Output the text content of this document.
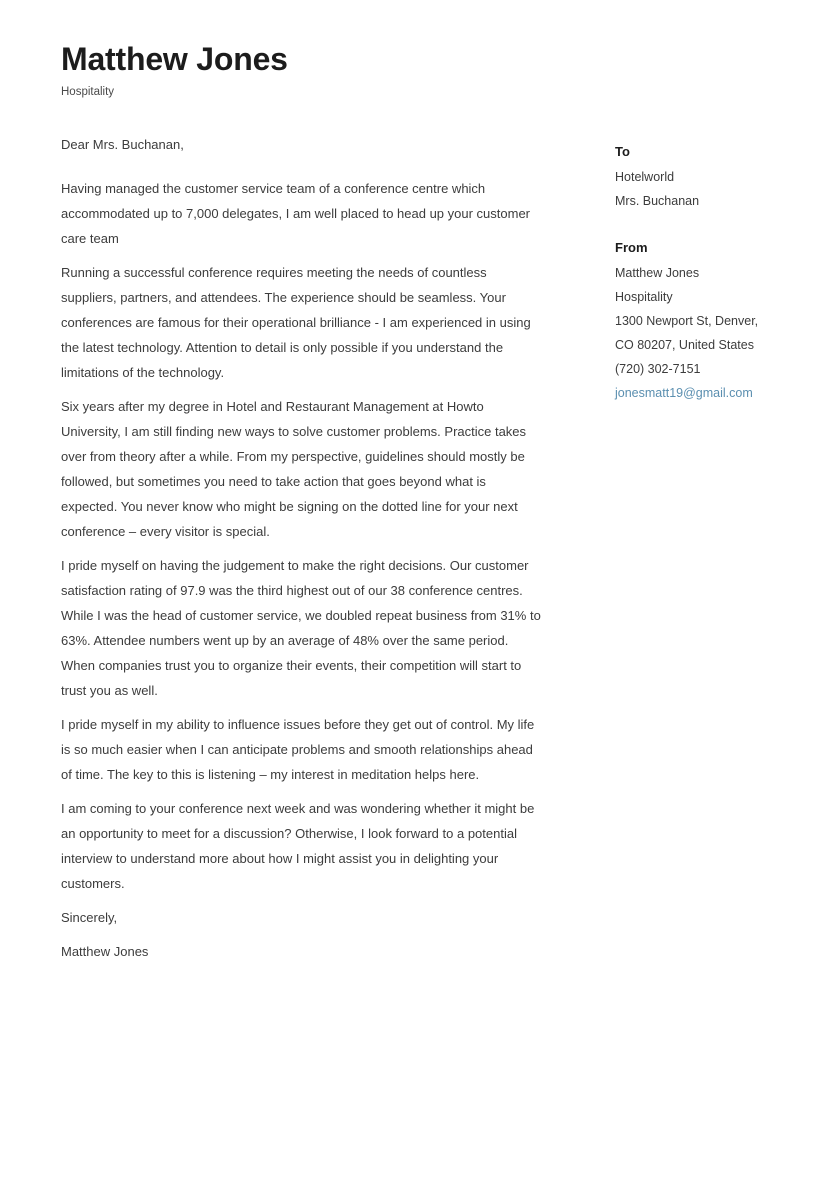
Matthew Jones

Hospitality

Dear Mrs. Buchanan,

Having managed the customer service team of a conference centre which accommodated up to 7,000 delegates, I am well placed to head up your customer care team

Running a successful conference requires meeting the needs of countless suppliers, partners, and attendees. The experience should be seamless. Your conferences are famous for their operational brilliance - I am experienced in using the latest technology. Attention to detail is only possible if you understand the limitations of the technology.

Six years after my degree in Hotel and Restaurant Management at Howto University, I am still finding new ways to solve customer problems. Practice takes over from theory after a while. From my perspective, guidelines should mostly be followed, but sometimes you need to take action that goes beyond what is expected. You never know who might be signing on the dotted line for your next conference – every visitor is special.

I pride myself on having the judgement to make the right decisions. Our customer satisfaction rating of 97.9 was the third highest out of our 38 conference centres. While I was the head of customer service, we doubled repeat business from 31% to 63%. Attendee numbers went up by an average of 48% over the same period. When companies trust you to organize their events, their competition will start to trust you as well.

I pride myself in my ability to influence issues before they get out of control. My life is so much easier when I can anticipate problems and smooth relationships ahead of time. The key to this is listening – my interest in meditation helps here.

I am coming to your conference next week and was wondering whether it might be an opportunity to meet for a discussion? Otherwise, I look forward to a potential interview to understand more about how I might assist you in delighting your customers.

Sincerely,

Matthew Jones

To
Hotelworld
Mrs. Buchanan
From
Matthew Jones
Hospitality
1300 Newport St, Denver,
CO 80207, United States
(720) 302-7151
jonesmatt19@gmail.com
